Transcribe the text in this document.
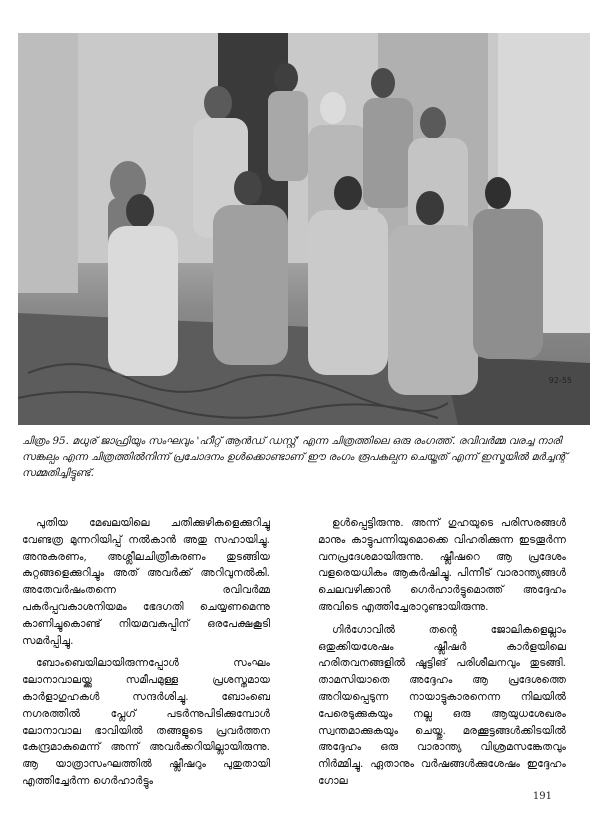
92-55
ചിത്രം 95. മധുര് ജാഫ്രിയും സംഘവും 'ഹീറ്റ് ആൻഡ് ഡസ്റ്റ്' എന്ന ചിത്രത്തിലെ ഒരു രംഗത്ത്. രവിവർമ്മ വരച്ച നാരി സങ്കല്പം എന്ന ചിത്രത്തിൽനിന്ന് പ്രചോദനം ഉൾക്കൊണ്ടാണ് ഈ രംഗം രൂപകല്പന ചെയ്തത് എന്ന് ഇസ്മയിൽ മർച്ചന്റ് സമ്മതിച്ചിട്ടുണ്ട്.

പുതിയ മേഖലയിലെ ചതിക്കുഴികളെക്കുറിച്ചു വേണ്ടത്ര മുന്നറിയിപ്പ് നൽകാൻ അതു സഹായിച്ചു. അനുകരണം, അശ്ലീലചിത്രീകരണം തുടങ്ങിയ കുറ്റങ്ങളെക്കുറിച്ചും അത് അവർക്ക് അറിവുനൽകി. അതേവർഷംതന്നെ രവിവർമ്മ പകർപ്പവകാശനിയമം ഭേദഗതി ചെയ്യണമെന്നു കാണിച്ചുകൊണ്ട് നിയമവകുപ്പിന് ഒരപേക്ഷകൂടി സമർപ്പിച്ചു.

ബോംബെയിലായിരുന്നപ്പോൾ സംഘം ലോനാവാലയ്ക്കു സമീപമുള്ള പ്രശസ്തമായ കാർളാഗുഹകൾ സന്ദർശിച്ചു. ബോംബെ നഗരത്തിൽ പ്ലേഗ് പടർന്നുപിടിക്കുമ്പോൾ ലോനാവാല ഭാവിയിൽ തങ്ങളുടെ പ്രവർത്തന കേന്ദ്രമാകുമെന്ന് അന്ന് അവർക്കറിയില്ലായിരുന്നു. ആ യാത്രാസംഘത്തിൽ ഷ്ലീഷറും പുതുതായി എത്തിച്ചേർന്ന ഗെർഹാർട്ടും

ഉൾപ്പെട്ടിരുന്നു. അന്ന് ഗുഹയുടെ പരിസരങ്ങൾ മാനും കാട്ടുപന്നിയുമൊക്കെ വിഹരിക്കുന്ന ഇടതൂർന്ന വനപ്രദേശമായിരുന്നു. ഷ്ലീഷറെ ആ പ്രദേശം വളരെയധികം ആകർഷിച്ചു. പിന്നീട് വാരാന്ത്യങ്ങൾ ചെലവഴിക്കാൻ ഗെർഹാർട്ടുമൊത്ത് അദ്ദേഹം അവിടെ എത്തിച്ചേരാറുണ്ടായിരുന്നു.

ഗിർഗോവിൽ തന്റെ ജോലികളെല്ലാം ഒതുക്കിയശേഷം ഷ്ലീഷർ കാർളയിലെ ഹരിതവനങ്ങളിൽ ഷൂട്ടിങ് പരിശീലനവും തുടങ്ങി. താമസിയാതെ അദ്ദേഹം ആ പ്രദേശത്തെ അറിയപ്പെടുന്ന നായാട്ടുകാരനെന്ന നിലയിൽ പേരെടുക്കുകയും നല്ല ഒരു ആയുധശേഖരം സ്വന്തമാക്കുകയും ചെയ്തു. മരക്കൂട്ടങ്ങൾക്കിടയിൽ അദ്ദേഹം ഒരു വാരാന്ത്യ വിശ്രമസങ്കേതവും നിർമ്മിച്ചു. ഏതാനും വർഷങ്ങൾക്കുശേഷം ഇദ്ദേഹം ഗോല

191
